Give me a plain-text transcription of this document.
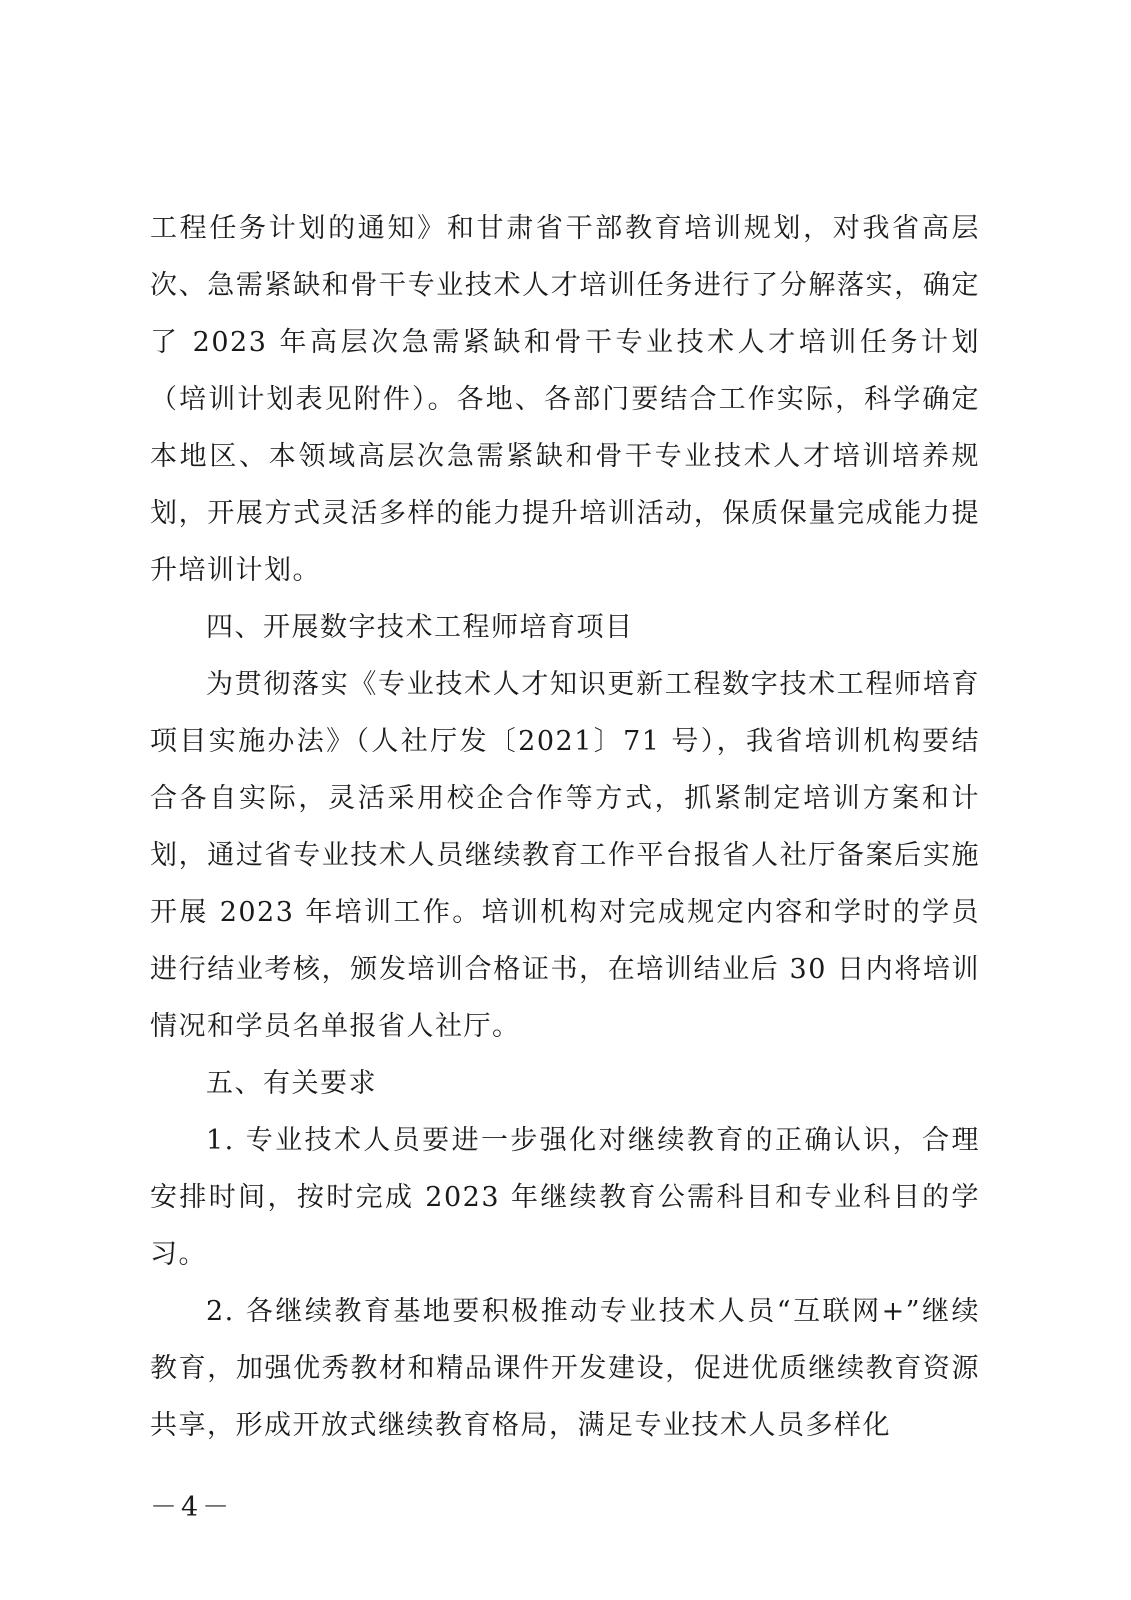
工程任务计划的通知》和甘肃省干部教育培训规划，对我省高层次、急需紧缺和骨干专业技术人才培训任务进行了分解落实，确定了 2023 年高层次急需紧缺和骨干专业技术人才培训任务计划（培训计划表见附件）。各地、各部门要结合工作实际，科学确定本地区、本领域高层次急需紧缺和骨干专业技术人才培训培养规划，开展方式灵活多样的能力提升培训活动，保质保量完成能力提升培训计划。

四、开展数字技术工程师培育项目

为贯彻落实《专业技术人才知识更新工程数字技术工程师培育项目实施办法》（人社厅发〔2021〕71 号），我省培训机构要结合各自实际，灵活采用校企合作等方式，抓紧制定培训方案和计划，通过省专业技术人员继续教育工作平台报省人社厅备案后实施开展 2023 年培训工作。培训机构对完成规定内容和学时的学员进行结业考核，颁发培训合格证书，在培训结业后 30 日内将培训情况和学员名单报省人社厅。

五、有关要求

1. 专业技术人员要进一步强化对继续教育的正确认识，合理安排时间，按时完成 2023 年继续教育公需科目和专业科目的学习。

2. 各继续教育基地要积极推动专业技术人员“互联网+”继续教育，加强优秀教材和精品课件开发建设，促进优质继续教育资源共享，形成开放式继续教育格局，满足专业技术人员多样化

－4－
